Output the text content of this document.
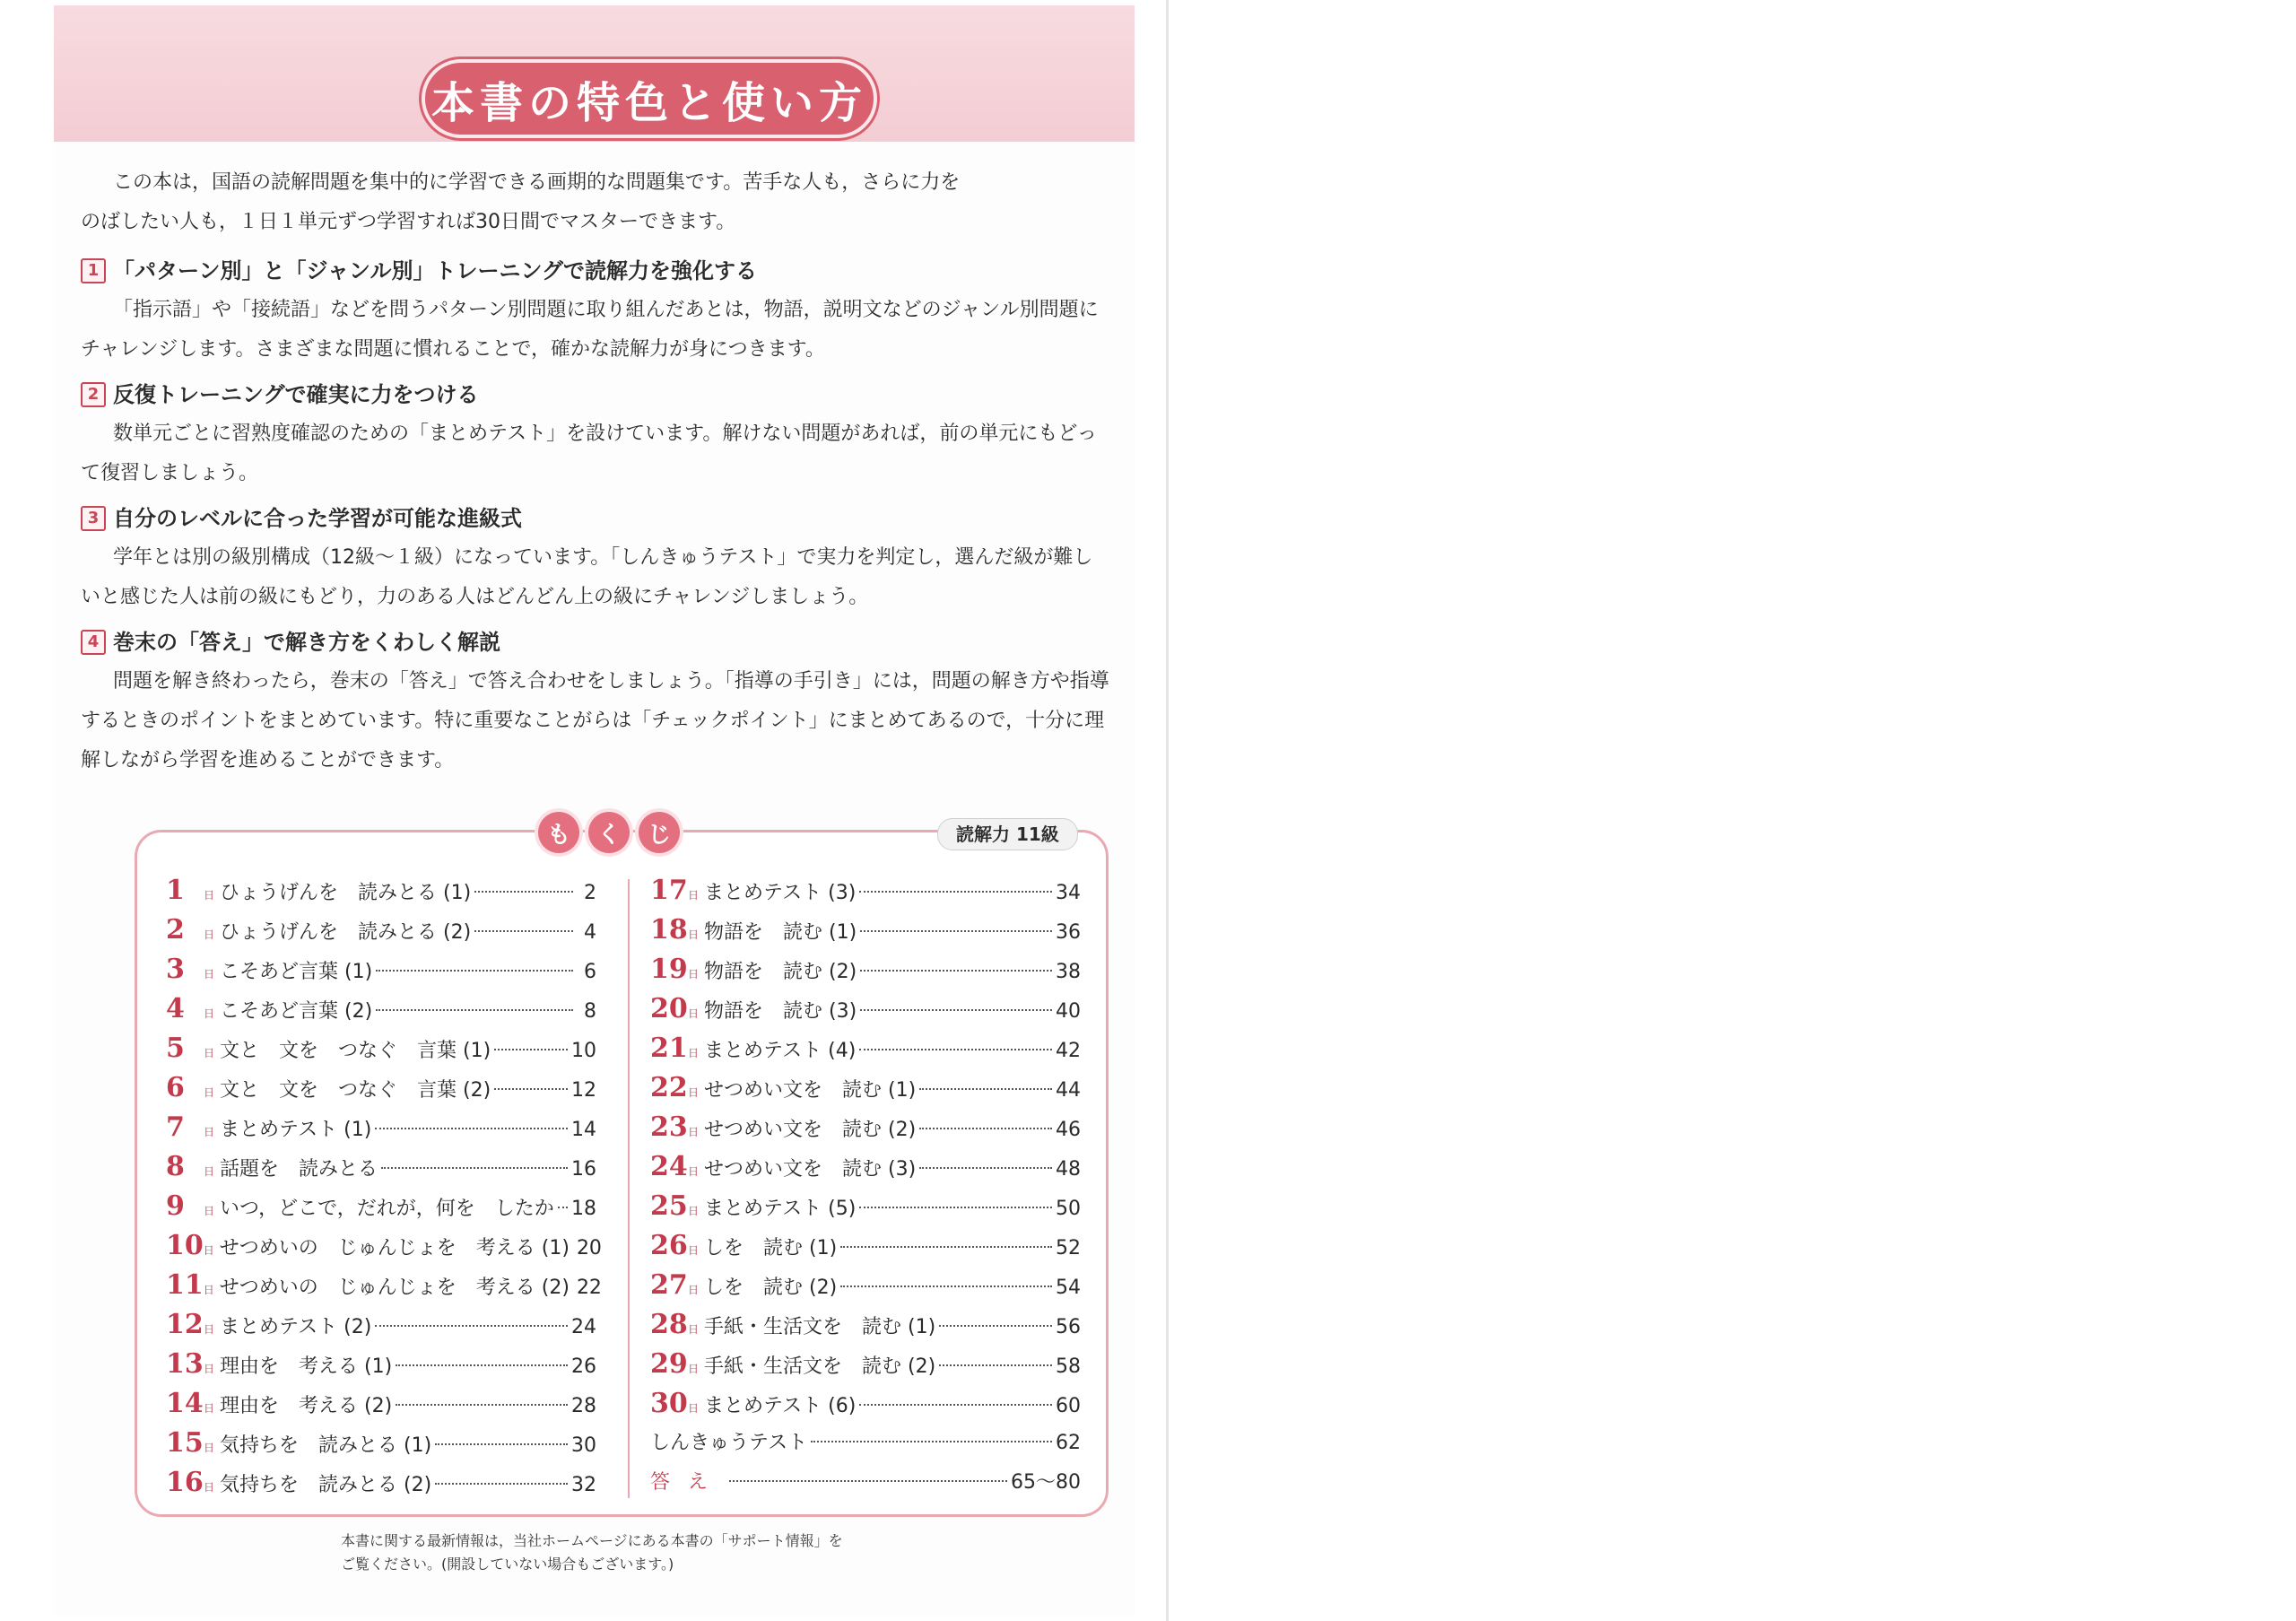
本書の特色と使い方

この本は，国語の読解問題を集中的に学習できる画期的な問題集です。苦手な人も，さらに力を

のばしたい人も，１日１単元ずつ学習すれば30日間でマスターできます。

1 「パターン別」と「ジャンル別」トレーニングで読解力を強化する

「指示語」や「接続語」などを問うパターン別問題に取り組んだあとは，物語，説明文などのジャンル別問題にチャレンジします。さまざまな問題に慣れることで，確かな読解力が身につきます。

2 反復トレーニングで確実に力をつける

数単元ごとに習熟度確認のための「まとめテスト」を設けています。解けない問題があれば，前の単元にもどって復習しましょう。

3 自分のレベルに合った学習が可能な進級式

学年とは別の級別構成（12級～１級）になっています。「しんきゅうテスト」で実力を判定し，選んだ級が難しいと感じた人は前の級にもどり，力のある人はどんどん上の級にチャレンジしましょう。

4 巻末の「答え」で解き方をくわしく解説

問題を解き終わったら，巻末の「答え」で答え合わせをしましょう。「指導の手引き」には，問題の解き方や指導するときのポイントをまとめています。特に重要なことがらは「チェックポイント」にまとめてあるので，十分に理解しながら学習を進めることができます。

も	く	じ	読解力 11級
1	日 ひょうげんを　読みとる (1)	2
2	日 ひょうげんを　読みとる (2)	4
3	日 こそあど言葉 (1)	6
4	日 こそあど言葉 (2)	8
5	日 文と　文を　つなぐ　言葉 (1)	10
6	日 文と　文を　つなぐ　言葉 (2)	12
7	日 まとめテスト (1)	14
8	日 話題を　読みとる	16
9	日 いつ，どこで，だれが，何を　したか 18
10 日 せつめいの　じゅんじょを　考える (1) 20
11 日 せつめいの　じゅんじょを　考える (2) 22
12 日 まとめテスト (2)	24
13 日 理由を　考える (1)	26
14 日 理由を　考える (2)	28
15 日 気持ちを　読みとる (1)	30
16 日 気持ちを　読みとる (2)	32
17 日 まとめテスト (3)	34
18 日 物語を　読む (1)	36
19 日 物語を　読む (2)	38
20 日 物語を　読む (3)	40
21 日 まとめテスト (4)	42
22 日 せつめい文を　読む (1)	44
23 日 せつめい文を　読む (2)	46
24 日 せつめい文を　読む (3)	48
25 日 まとめテスト (5)	50
26 日 しを　読む (1)	52
27 日 しを　読む (2)	54
28 日 手紙・生活文を　読む (1)	56
29 日 手紙・生活文を　読む (2)	58
30 日 まとめテスト (6)	60
しんきゅうテスト	62
答え	65～80
本書に関する最新情報は，当社ホームページにある本書の「サポート情報」を
ご覧ください。(開設していない場合もございます。)
